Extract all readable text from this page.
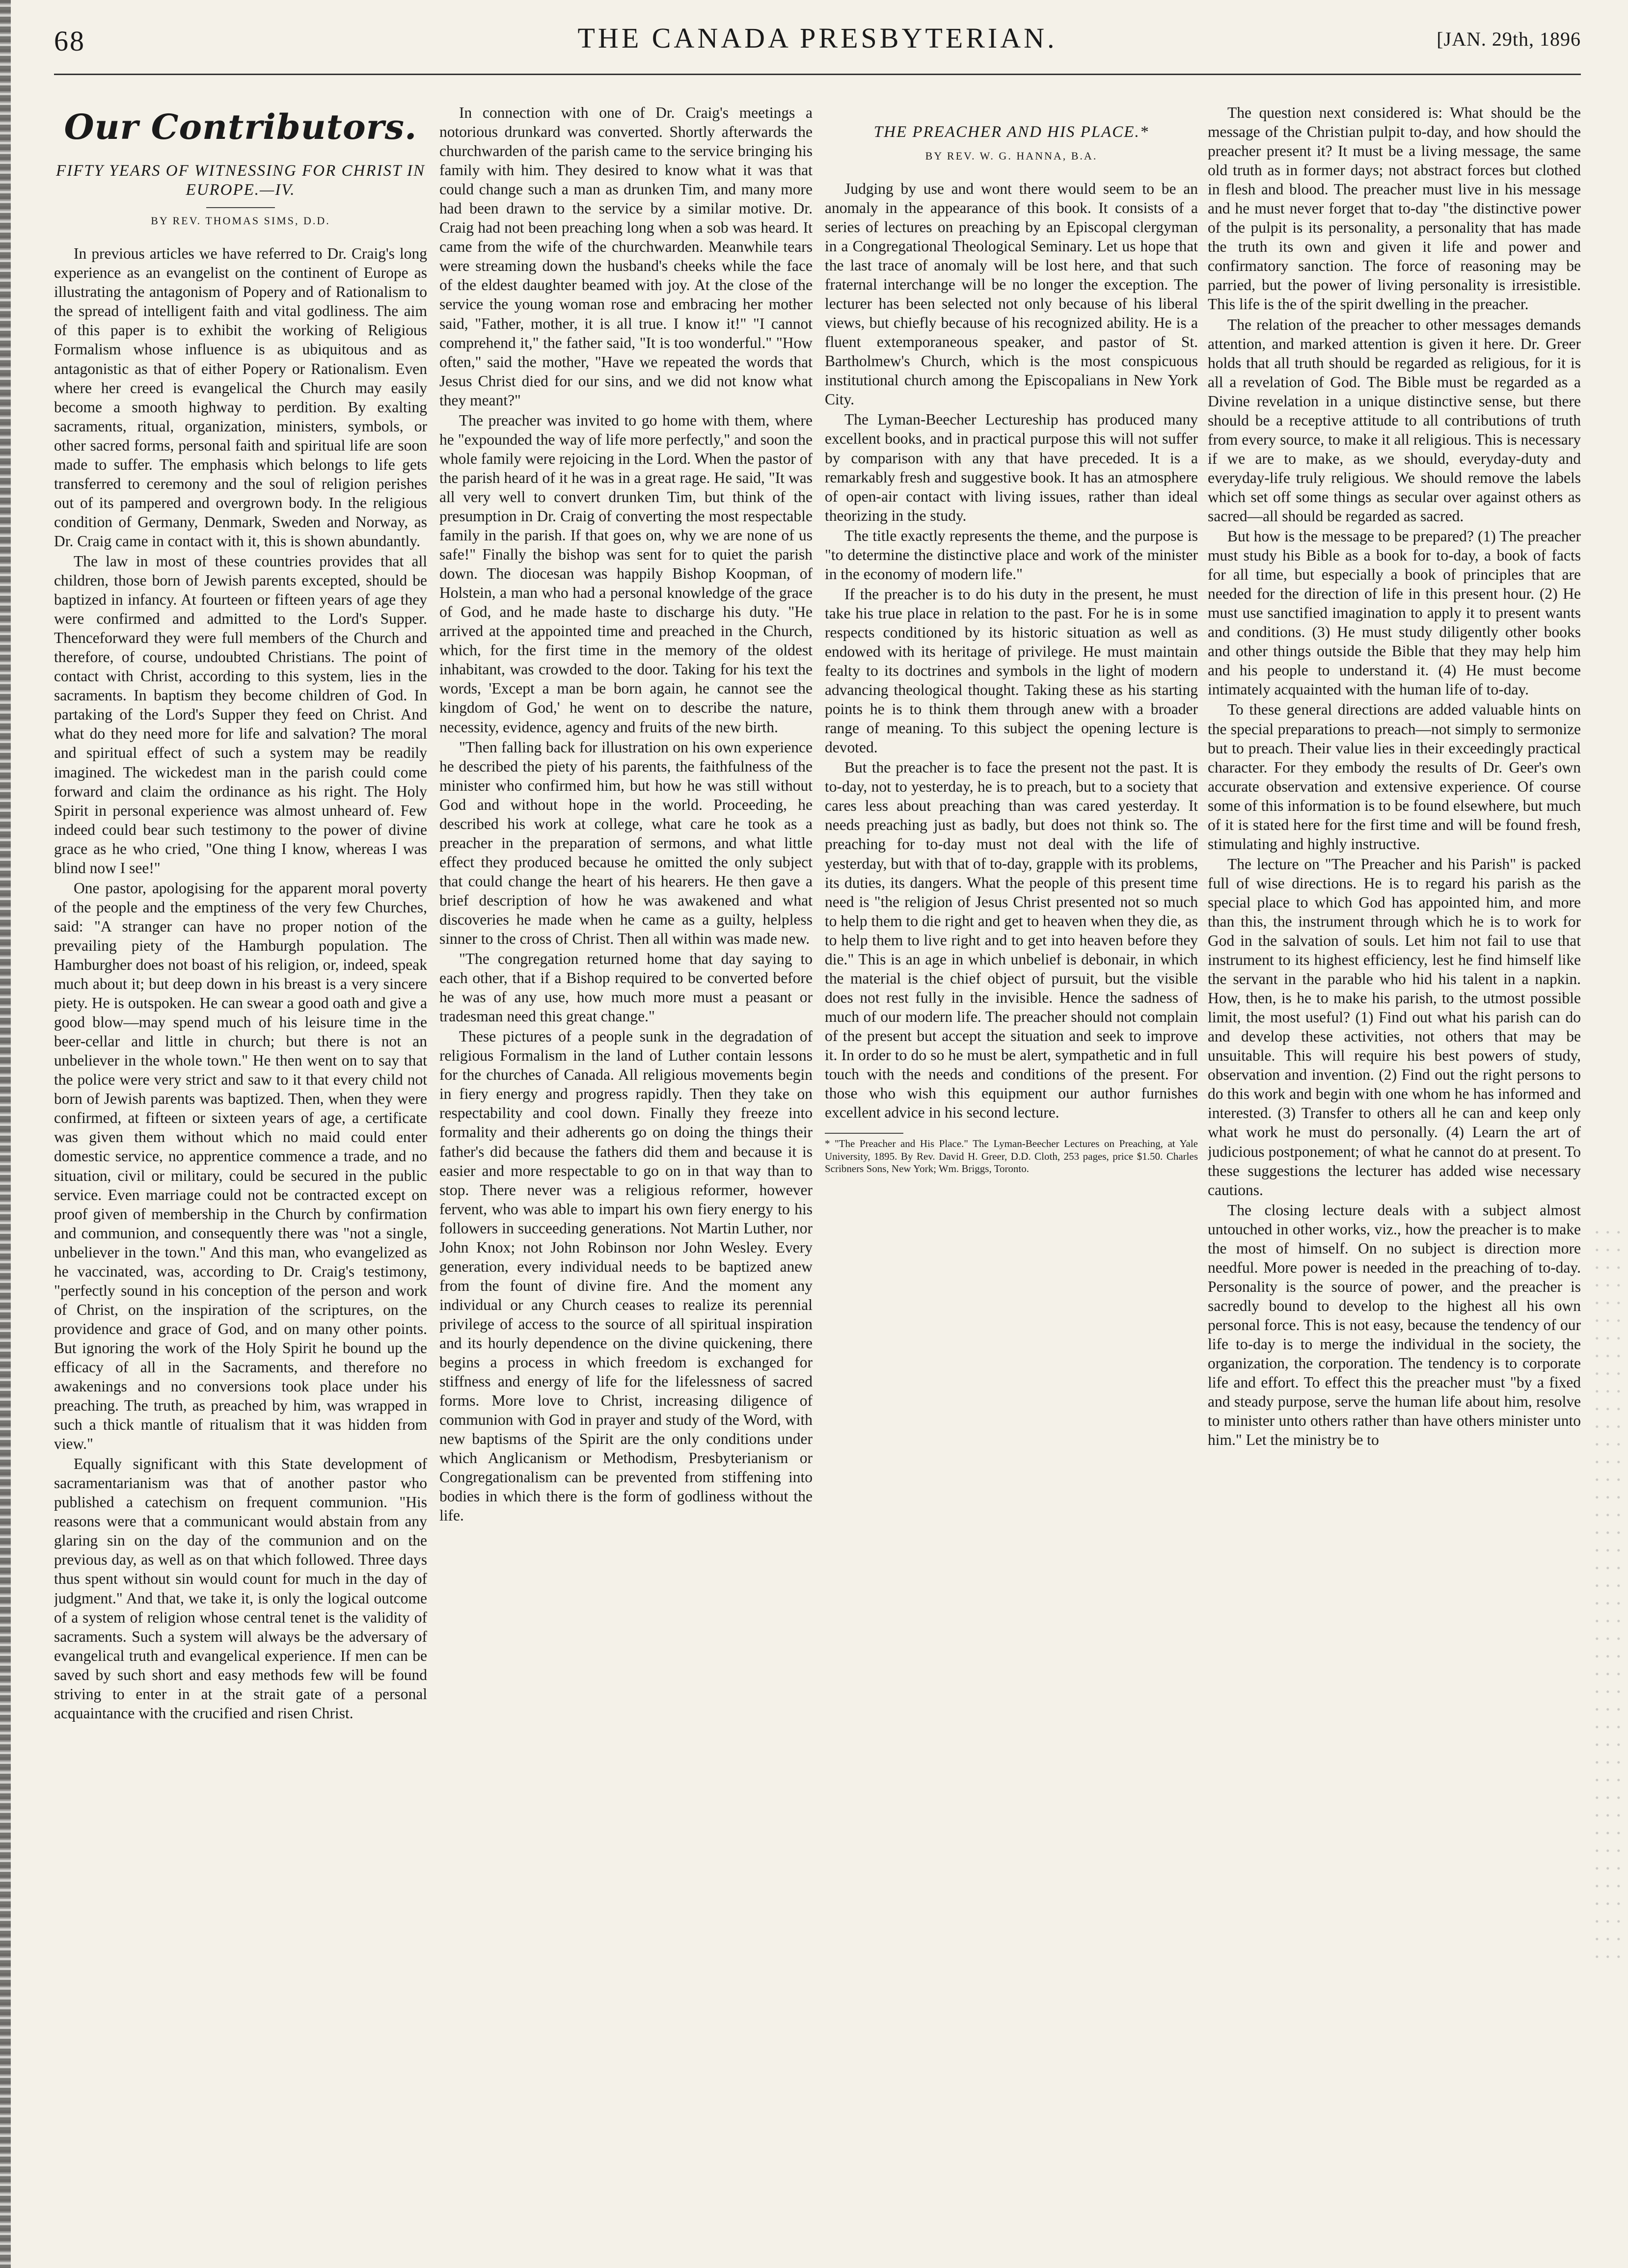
68	THE CANADA PRESBYTERIAN.	[JAN. 29th, 1896
Our Contributors.
FIFTY YEARS OF WITNESSING FOR CHRIST IN EUROPE.—IV.
BY REV. THOMAS SIMS, D.D.

In previous articles we have referred to Dr. Craig's long experience as an evangelist on the continent of Europe as illustrating the antagonism of Popery and of Rationalism to the spread of intelligent faith and vital godliness. The aim of this paper is to exhibit the working of Religious Formalism whose influence is as ubiquitous and as antagonistic as that of either Popery or Rationalism. Even where her creed is evangelical the Church may easily become a smooth highway to perdition. By exalting sacraments, ritual, organization, ministers, symbols, or other sacred forms, personal faith and spiritual life are soon made to suffer. The emphasis which belongs to life gets transferred to ceremony and the soul of religion perishes out of its pampered and overgrown body. In the religious condition of Germany, Denmark, Sweden and Norway, as Dr. Craig came in contact with it, this is shown abundantly.

The law in most of these countries provides that all children, those born of Jewish parents excepted, should be baptized in infancy. At fourteen or fifteen years of age they were confirmed and admitted to the Lord's Supper. Thenceforward they were full members of the Church and therefore, of course, undoubted Christians. The point of contact with Christ, according to this system, lies in the sacraments. In baptism they become children of God. In partaking of the Lord's Supper they feed on Christ. And what do they need more for life and salvation? The moral and spiritual effect of such a system may be readily imagined. The wickedest man in the parish could come forward and claim the ordinance as his right. The Holy Spirit in personal experience was almost unheard of. Few indeed could bear such testimony to the power of divine grace as he who cried, "One thing I know, whereas I was blind now I see!"

One pastor, apologising for the apparent moral poverty of the people and the emptiness of the very few Churches, said: "A stranger can have no proper notion of the prevailing piety of the Hamburgh population. The Hamburgher does not boast of his religion, or, indeed, speak much about it; but deep down in his breast is a very sincere piety. He is outspoken. He can swear a good oath and give a good blow—may spend much of his leisure time in the beer-cellar and little in church; but there is not an unbeliever in the whole town." He then went on to say that the police were very strict and saw to it that every child not born of Jewish parents was baptized. Then, when they were confirmed, at fifteen or sixteen years of age, a certificate was given them without which no maid could enter domestic service, no apprentice commence a trade, and no situation, civil or military, could be secured in the public service. Even marriage could not be contracted except on proof given of membership in the Church by confirmation and communion, and consequently there was "not a single, unbeliever in the town." And this man, who evangelized as he vaccinated, was, according to Dr. Craig's testimony, "perfectly sound in his conception of the person and work of Christ, on the inspiration of the scriptures, on the providence and grace of God, and on many other points. But ignoring the work of the Holy Spirit he bound up the efficacy of all in the Sacraments, and therefore no awakenings and no conversions took place under his preaching. The truth, as preached by him, was wrapped in such a thick mantle of ritualism that it was hidden from view."

Equally significant with this State development of sacramentarianism was that of another pastor who published a catechism on frequent communion. "His reasons were that a communicant would abstain from any glaring sin on the day of the communion and on the previous day, as well as on that which followed. Three days thus spent without sin would count for much in the day of judgment." And that, we take it, is only the logical outcome of a system of religion whose central tenet is the validity of sacraments. Such a system will always be the adversary of evangelical truth and evangelical experience. If men can be saved by such short and easy methods few will be found striving to enter in at the strait gate of a personal acquaintance with the crucified and risen Christ.

In connection with one of Dr. Craig's meetings a notorious drunkard was converted. Shortly afterwards the churchwarden of the parish came to the service bringing his family with him. They desired to know what it was that could change such a man as drunken Tim, and many more had been drawn to the service by a similar motive. Dr. Craig had not been preaching long when a sob was heard. It came from the wife of the churchwarden. Meanwhile tears were streaming down the husband's cheeks while the face of the eldest daughter beamed with joy. At the close of the service the young woman rose and embracing her mother said, "Father, mother, it is all true. I know it!" "I cannot comprehend it," the father said, "It is too wonderful." "How often," said the mother, "Have we repeated the words that Jesus Christ died for our sins, and we did not know what they meant?"

The preacher was invited to go home with them, where he "expounded the way of life more perfectly," and soon the whole family were rejoicing in the Lord. When the pastor of the parish heard of it he was in a great rage. He said, "It was all very well to convert drunken Tim, but think of the presumption in Dr. Craig of converting the most respectable family in the parish. If that goes on, why we are none of us safe!" Finally the bishop was sent for to quiet the parish down. The diocesan was happily Bishop Koopman, of Holstein, a man who had a personal knowledge of the grace of God, and he made haste to discharge his duty. "He arrived at the appointed time and preached in the Church, which, for the first time in the memory of the oldest inhabitant, was crowded to the door. Taking for his text the words, 'Except a man be born again, he cannot see the kingdom of God,' he went on to describe the nature, necessity, evidence, agency and fruits of the new birth.

"Then falling back for illustration on his own experience he described the piety of his parents, the faithfulness of the minister who confirmed him, but how he was still without God and without hope in the world. Proceeding, he described his work at college, what care he took as a preacher in the preparation of sermons, and what little effect they produced because he omitted the only subject that could change the heart of his hearers. He then gave a brief description of how he was awakened and what discoveries he made when he came as a guilty, helpless sinner to the cross of Christ. Then all within was made new.

"The congregation returned home that day saying to each other, that if a Bishop required to be converted before he was of any use, how much more must a peasant or tradesman need this great change."

These pictures of a people sunk in the degradation of religious Formalism in the land of Luther contain lessons for the churches of Canada. All religious movements begin in fiery energy and progress rapidly. Then they take on respectability and cool down. Finally they freeze into formality and their adherents go on doing the things their father's did because the fathers did them and because it is easier and more respectable to go on in that way than to stop. There never was a religious reformer, however fervent, who was able to impart his own fiery energy to his followers in succeeding generations. Not Martin Luther, nor John Knox; not John Robinson nor John Wesley. Every generation, every individual needs to be baptized anew from the fount of divine fire. And the moment any individual or any Church ceases to realize its perennial privilege of access to the source of all spiritual inspiration and its hourly dependence on the divine quickening, there begins a process in which freedom is exchanged for stiffness and energy of life for the lifelessness of sacred forms. More love to Christ, increasing diligence of communion with God in prayer and study of the Word, with new baptisms of the Spirit are the only conditions under which Anglicanism or Methodism, Presbyterianism or Congregationalism can be prevented from stiffening into bodies in which there is the form of godliness without the life.

THE PREACHER AND HIS PLACE.*
BY REV. W. G. HANNA, B.A.

Judging by use and wont there would seem to be an anomaly in the appearance of this book. It consists of a series of lectures on preaching by an Episcopal clergyman in a Congregational Theological Seminary. Let us hope that the last trace of anomaly will be lost here, and that such fraternal interchange will be no longer the exception. The lecturer has been selected not only because of his liberal views, but chiefly because of his recognized ability. He is a fluent extemporaneous speaker, and pastor of St. Bartholmew's Church, which is the most conspicuous institutional church among the Episcopalians in New York City.

The Lyman-Beecher Lectureship has produced many excellent books, and in practical purpose this will not suffer by comparison with any that have preceded. It is a remarkably fresh and suggestive book. It has an atmosphere of open-air contact with living issues, rather than ideal theorizing in the study.

The title exactly represents the theme, and the purpose is "to determine the distinctive place and work of the minister in the economy of modern life."

If the preacher is to do his duty in the present, he must take his true place in relation to the past. For he is in some respects conditioned by its historic situation as well as endowed with its heritage of privilege. He must maintain fealty to its doctrines and symbols in the light of modern advancing theological thought. Taking these as his starting points he is to think them through anew with a broader range of meaning. To this subject the opening lecture is devoted.

But the preacher is to face the present not the past. It is to-day, not to yesterday, he is to preach, but to a society that cares less about preaching than was cared yesterday. It needs preaching just as badly, but does not think so. The preaching for to-day must not deal with the life of yesterday, but with that of to-day, grapple with its problems, its duties, its dangers. What the people of this present time need is "the religion of Jesus Christ presented not so much to help them to die right and get to heaven when they die, as to help them to live right and to get into heaven before they die." This is an age in which unbelief is debonair, in which the material is the chief object of pursuit, but the visible does not rest fully in the invisible. Hence the sadness of much of our modern life. The preacher should not complain of the present but accept the situation and seek to improve it. In order to do so he must be alert, sympathetic and in full touch with the needs and conditions of the present. For those who wish this equipment our author furnishes excellent advice in his second lecture.

* "The Preacher and His Place." The Lyman-Beecher Lectures on Preaching, at Yale University, 1895. By Rev. David H. Greer, D.D. Cloth, 253 pages, price $1.50. Charles Scribners Sons, New York; Wm. Briggs, Toronto.

The question next considered is: What should be the message of the Christian pulpit to-day, and how should the preacher present it? It must be a living message, the same old truth as in former days; not abstract forces but clothed in flesh and blood. The preacher must live in his message and he must never forget that to-day "the distinctive power of the pulpit is its personality, a personality that has made the truth its own and given it life and power and confirmatory sanction. The force of reasoning may be parried, but the power of living personality is irresistible. This life is the of the spirit dwelling in the preacher.

The relation of the preacher to other messages demands attention, and marked attention is given it here. Dr. Greer holds that all truth should be regarded as religious, for it is all a revelation of God. The Bible must be regarded as a Divine revelation in a unique distinctive sense, but there should be a receptive attitude to all contributions of truth from every source, to make it all religious. This is necessary if we are to make, as we should, everyday-duty and everyday-life truly religious. We should remove the labels which set off some things as secular over against others as sacred—all should be regarded as sacred.

But how is the message to be prepared? (1) The preacher must study his Bible as a book for to-day, a book of facts for all time, but especially a book of principles that are needed for the direction of life in this present hour. (2) He must use sanctified imagination to apply it to present wants and conditions. (3) He must study diligently other books and other things outside the Bible that they may help him and his people to understand it. (4) He must become intimately acquainted with the human life of to-day.

To these general directions are added valuable hints on the special preparations to preach—not simply to sermonize but to preach. Their value lies in their exceedingly practical character. For they embody the results of Dr. Geer's own accurate observation and extensive experience. Of course some of this information is to be found elsewhere, but much of it is stated here for the first time and will be found fresh, stimulating and highly instructive.

The lecture on "The Preacher and his Parish" is packed full of wise directions. He is to regard his parish as the special place to which God has appointed him, and more than this, the instrument through which he is to work for God in the salvation of souls. Let him not fail to use that instrument to its highest efficiency, lest he find himself like the servant in the parable who hid his talent in a napkin. How, then, is he to make his parish, to the utmost possible limit, the most useful? (1) Find out what his parish can do and develop these activities, not others that may be unsuitable. This will require his best powers of study, observation and invention. (2) Find out the right persons to do this work and begin with one whom he has informed and interested. (3) Transfer to others all he can and keep only what work he must do personally. (4) Learn the art of judicious postponement; of what he cannot do at present. To these suggestions the lecturer has added wise necessary cautions.

The closing lecture deals with a subject almost untouched in other works, viz., how the preacher is to make the most of himself. On no subject is direction more needful. More power is needed in the preaching of to-day. Personality is the source of power, and the preacher is sacredly bound to develop to the highest all his own personal force. This is not easy, because the tendency of our life to-day is to merge the individual in the society, the organization, the corporation. The tendency is to corporate life and effort. To effect this the preacher must "by a fixed and steady purpose, serve the human life about him, resolve to minister unto others rather than have others minister unto him." Let the ministry be to
